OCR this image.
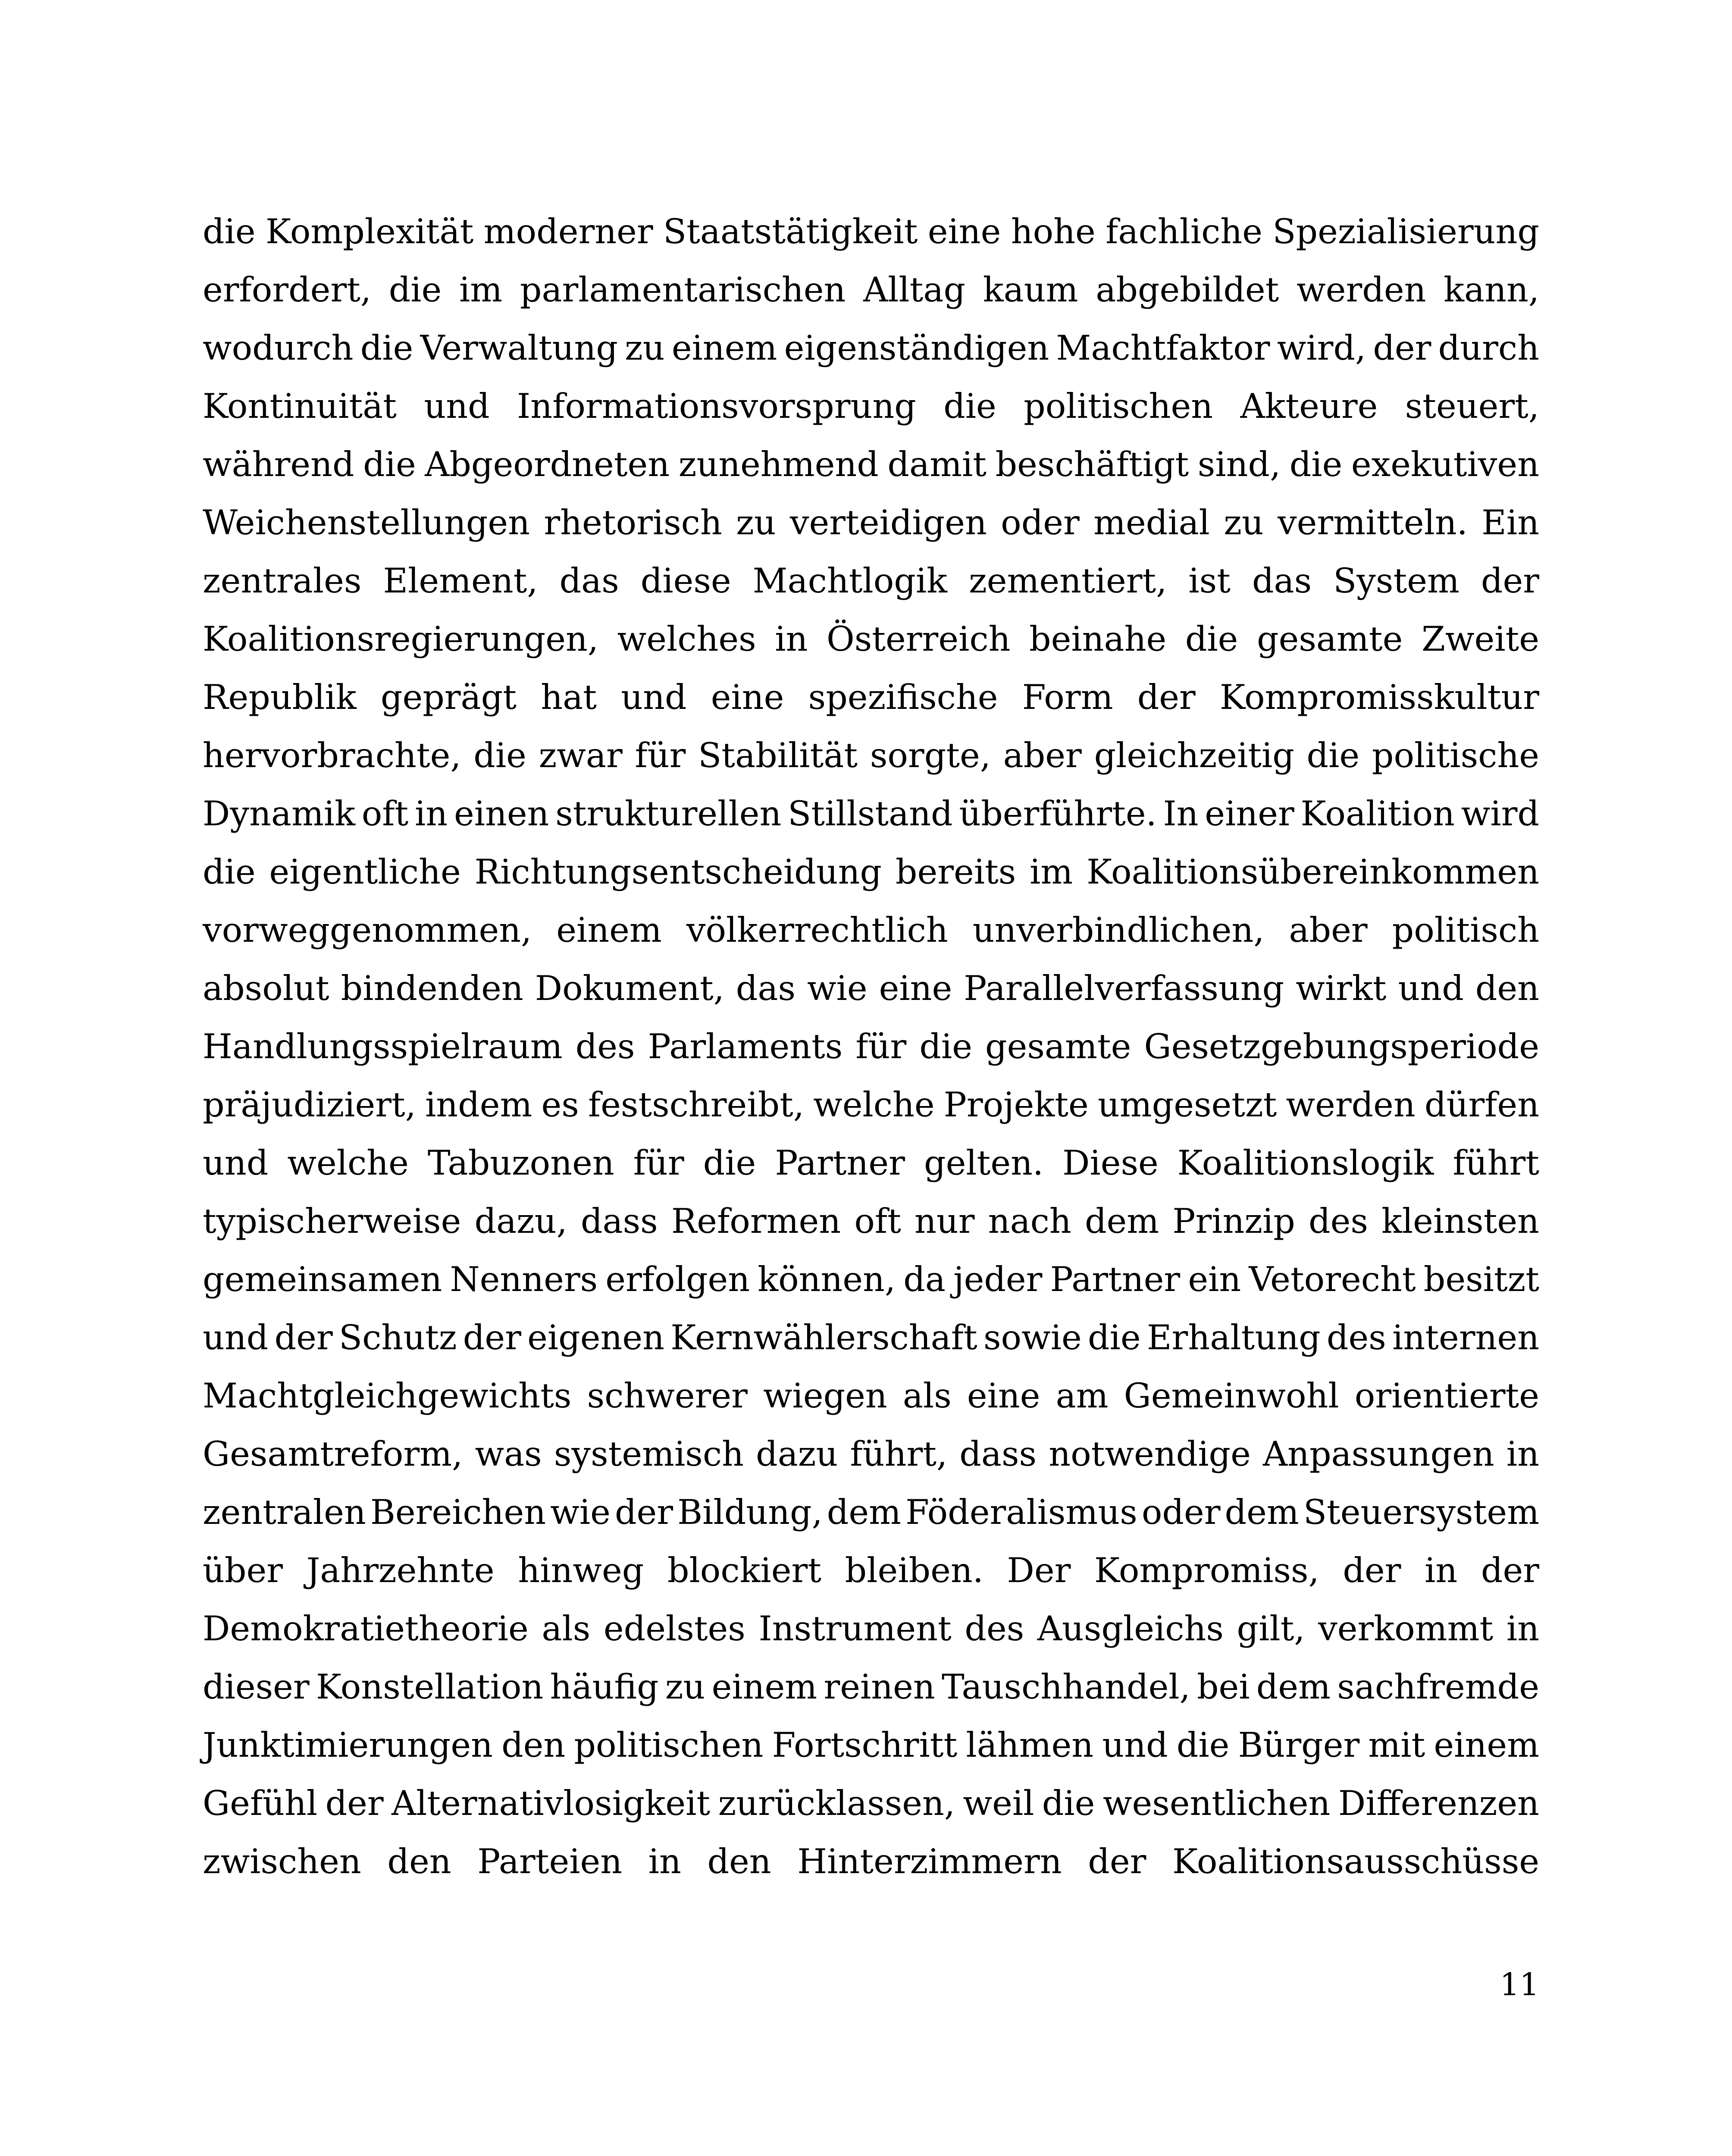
die Komplexität moderner Staatstätigkeit eine hohe fachliche Spezialisierung
erfordert, die im parlamentarischen Alltag kaum abgebildet werden kann,
wodurch die Verwaltung zu einem eigenständigen Machtfaktor wird, der durch
Kontinuität und Informationsvorsprung die politischen Akteure steuert,
während die Abgeordneten zunehmend damit beschäftigt sind, die exekutiven
Weichenstellungen rhetorisch zu verteidigen oder medial zu vermitteln. Ein
zentrales Element, das diese Machtlogik zementiert, ist das System der
Koalitionsregierungen, welches in Österreich beinahe die gesamte Zweite
Republik geprägt hat und eine spezifische Form der Kompromisskultur
hervorbrachte, die zwar für Stabilität sorgte, aber gleichzeitig die politische
Dynamik oft in einen strukturellen Stillstand überführte. In einer Koalition wird
die eigentliche Richtungsentscheidung bereits im Koalitionsübereinkommen
vorweggenommen, einem völkerrechtlich unverbindlichen, aber politisch
absolut bindenden Dokument, das wie eine Parallelverfassung wirkt und den
Handlungsspielraum des Parlaments für die gesamte Gesetzgebungsperiode
präjudiziert, indem es festschreibt, welche Projekte umgesetzt werden dürfen
und welche Tabuzonen für die Partner gelten. Diese Koalitionslogik führt
typischerweise dazu, dass Reformen oft nur nach dem Prinzip des kleinsten
gemeinsamen Nenners erfolgen können, da jeder Partner ein Vetorecht besitzt
und der Schutz der eigenen Kernwählerschaft sowie die Erhaltung des internen
Machtgleichgewichts schwerer wiegen als eine am Gemeinwohl orientierte
Gesamtreform, was systemisch dazu führt, dass notwendige Anpassungen in
zentralen Bereichen wie der Bildung, dem Föderalismus oder dem Steuersystem
über Jahrzehnte hinweg blockiert bleiben. Der Kompromiss, der in der
Demokratietheorie als edelstes Instrument des Ausgleichs gilt, verkommt in
dieser Konstellation häufig zu einem reinen Tauschhandel, bei dem sachfremde
Junktimierungen den politischen Fortschritt lähmen und die Bürger mit einem
Gefühl der Alternativlosigkeit zurücklassen, weil die wesentlichen Differenzen
zwischen den Parteien in den Hinterzimmern der Koalitionsausschüsse
11
